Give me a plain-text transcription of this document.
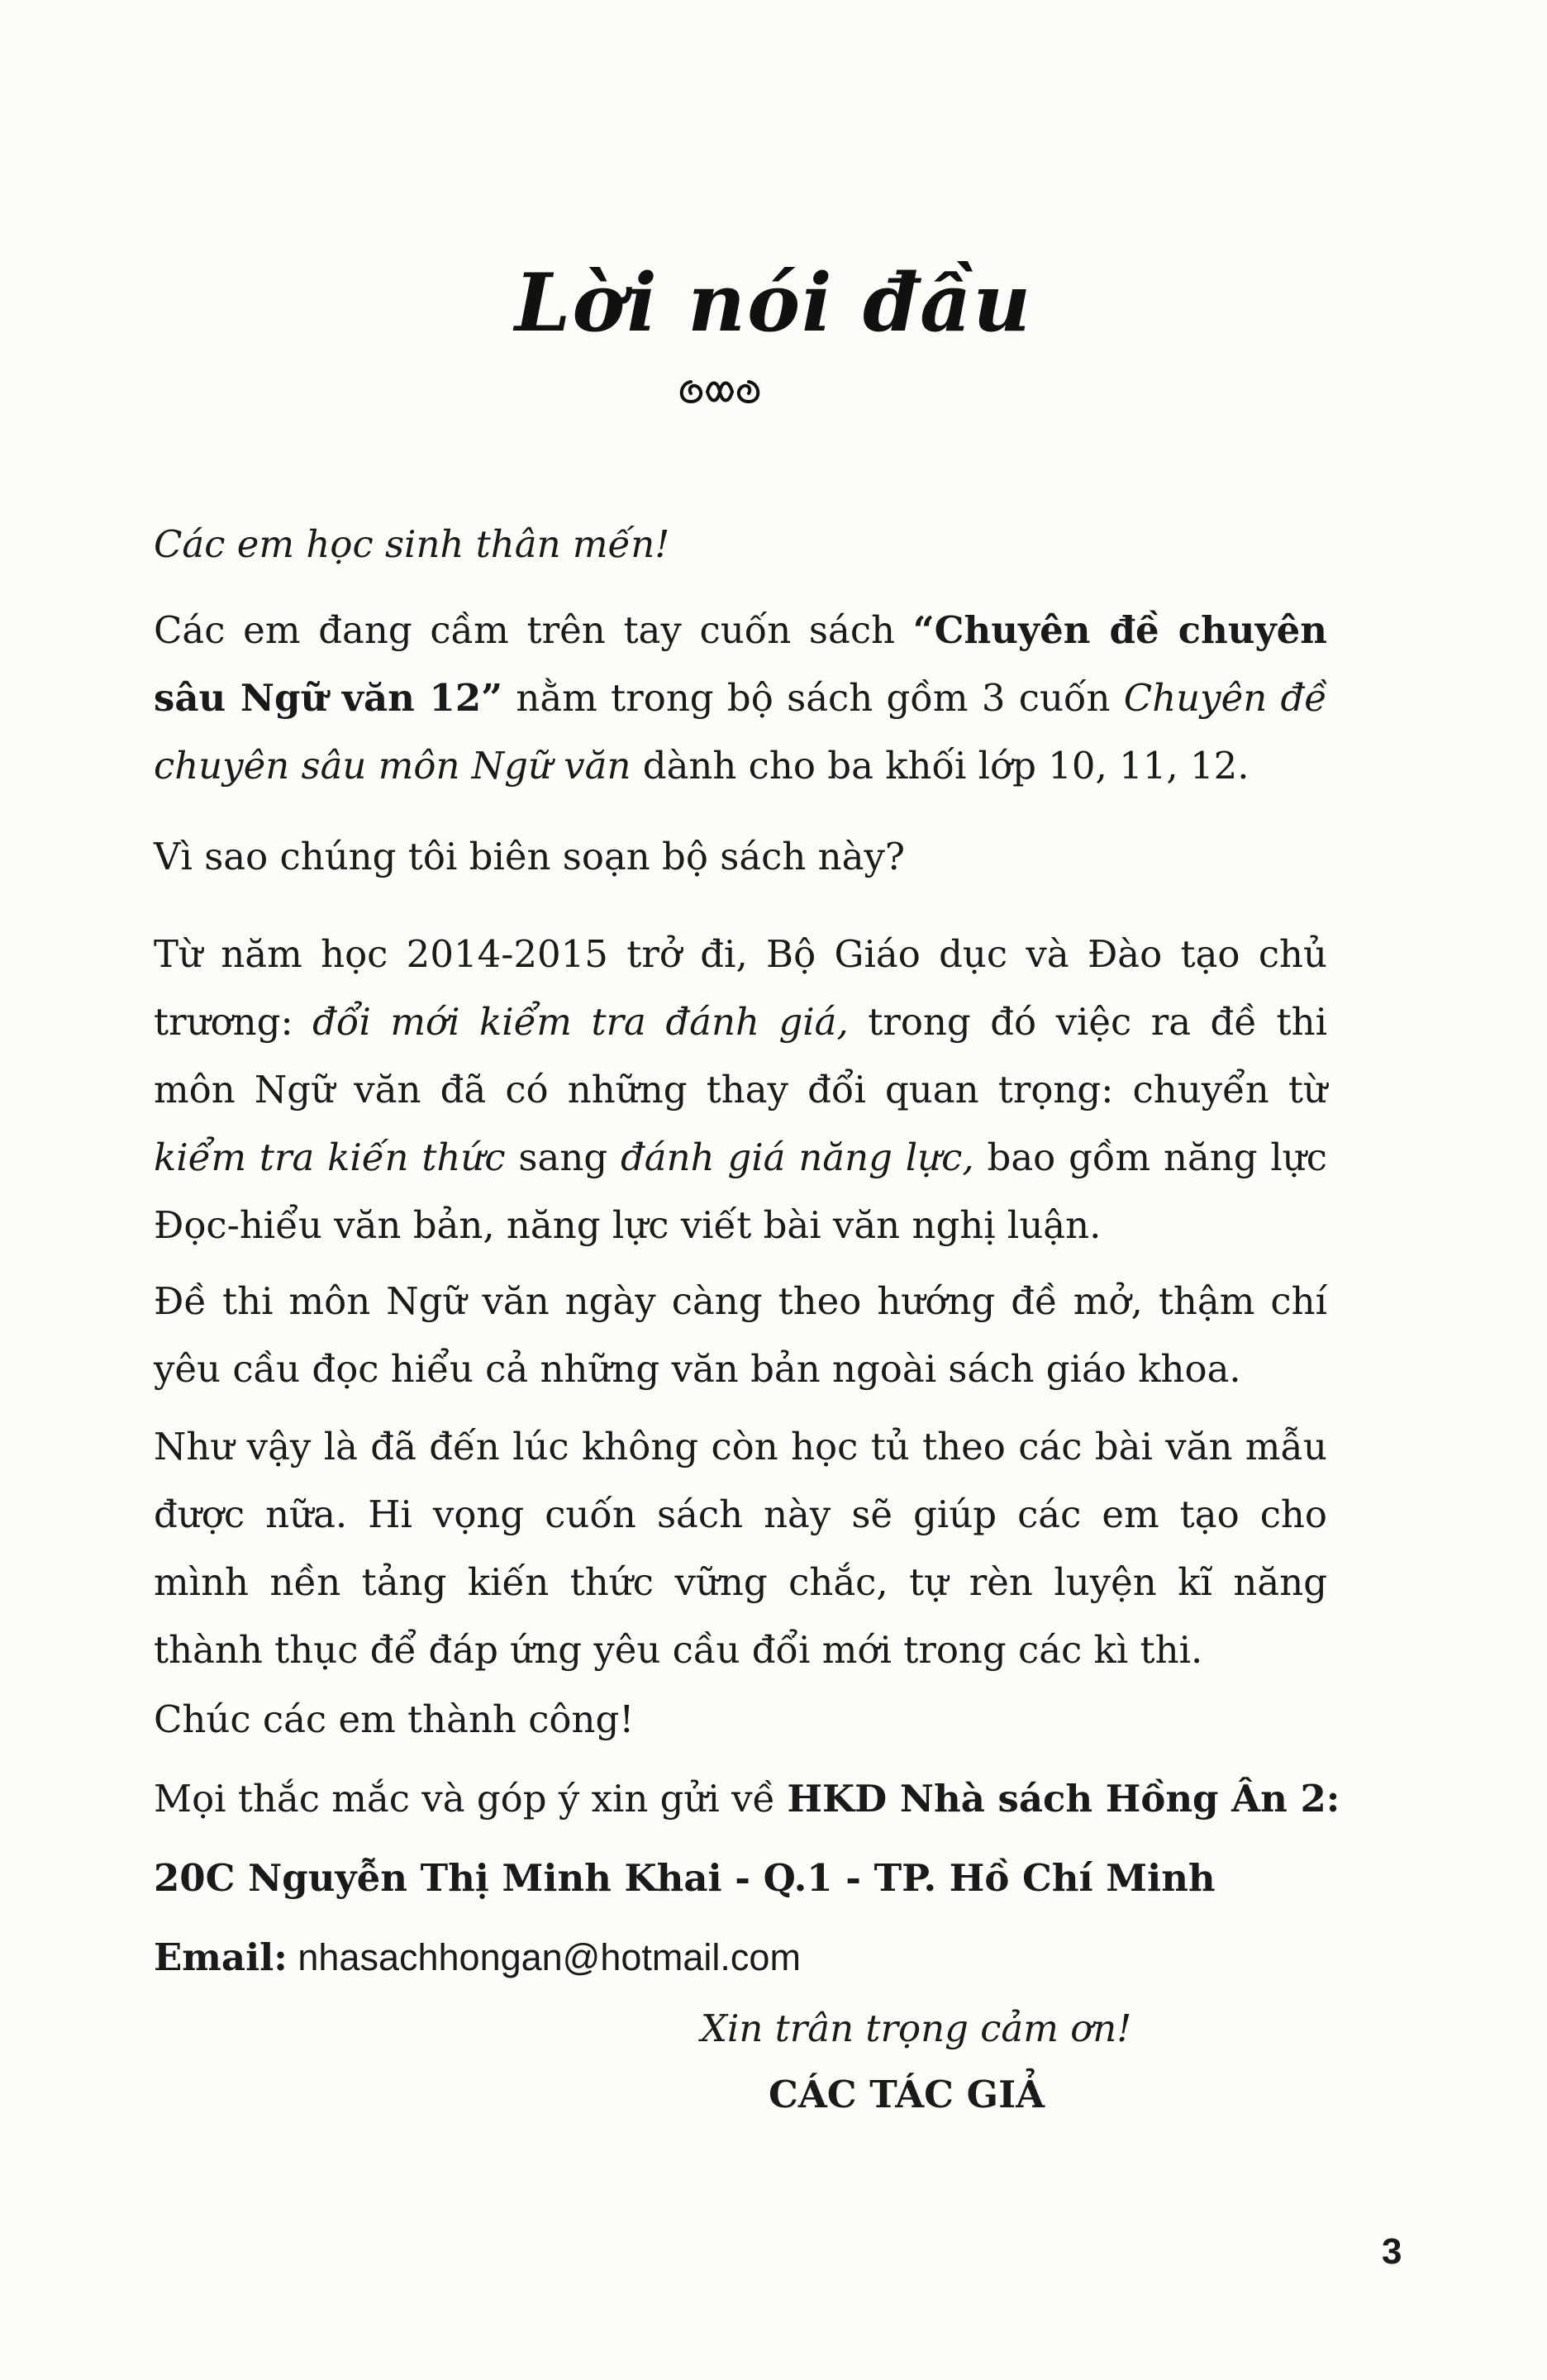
Lời nói đầu
Các em học sinh thân mến!
Các em đang cầm trên tay cuốn sách “Chuyên đề chuyên sâu Ngữ văn 12” nằm trong bộ sách gồm 3 cuốn Chuyên đề chuyên sâu môn Ngữ văn dành cho ba khối lớp 10, 11, 12.
Vì sao chúng tôi biên soạn bộ sách này?
Từ năm học 2014-2015 trở đi, Bộ Giáo dục và Đào tạo chủ trương: đổi mới kiểm tra đánh giá, trong đó việc ra đề thi môn Ngữ văn đã có những thay đổi quan trọng: chuyển từ kiểm tra kiến thức sang đánh giá năng lực, bao gồm năng lực Đọc-hiểu văn bản, năng lực viết bài văn nghị luận.
Đề thi môn Ngữ văn ngày càng theo hướng đề mở, thậm chí yêu cầu đọc hiểu cả những văn bản ngoài sách giáo khoa.
Như vậy là đã đến lúc không còn học tủ theo các bài văn mẫu được nữa. Hi vọng cuốn sách này sẽ giúp các em tạo cho mình nền tảng kiến thức vững chắc, tự rèn luyện kĩ năng thành thục để đáp ứng yêu cầu đổi mới trong các kì thi.
Chúc các em thành công!
Mọi thắc mắc và góp ý xin gửi về HKD Nhà sách Hồng Ân 2:
20C Nguyễn Thị Minh Khai - Q.1 - TP. Hồ Chí Minh
Email: nhasachhongan@hotmail.com
Xin trân trọng cảm ơn!
CÁC TÁC GIẢ
3
